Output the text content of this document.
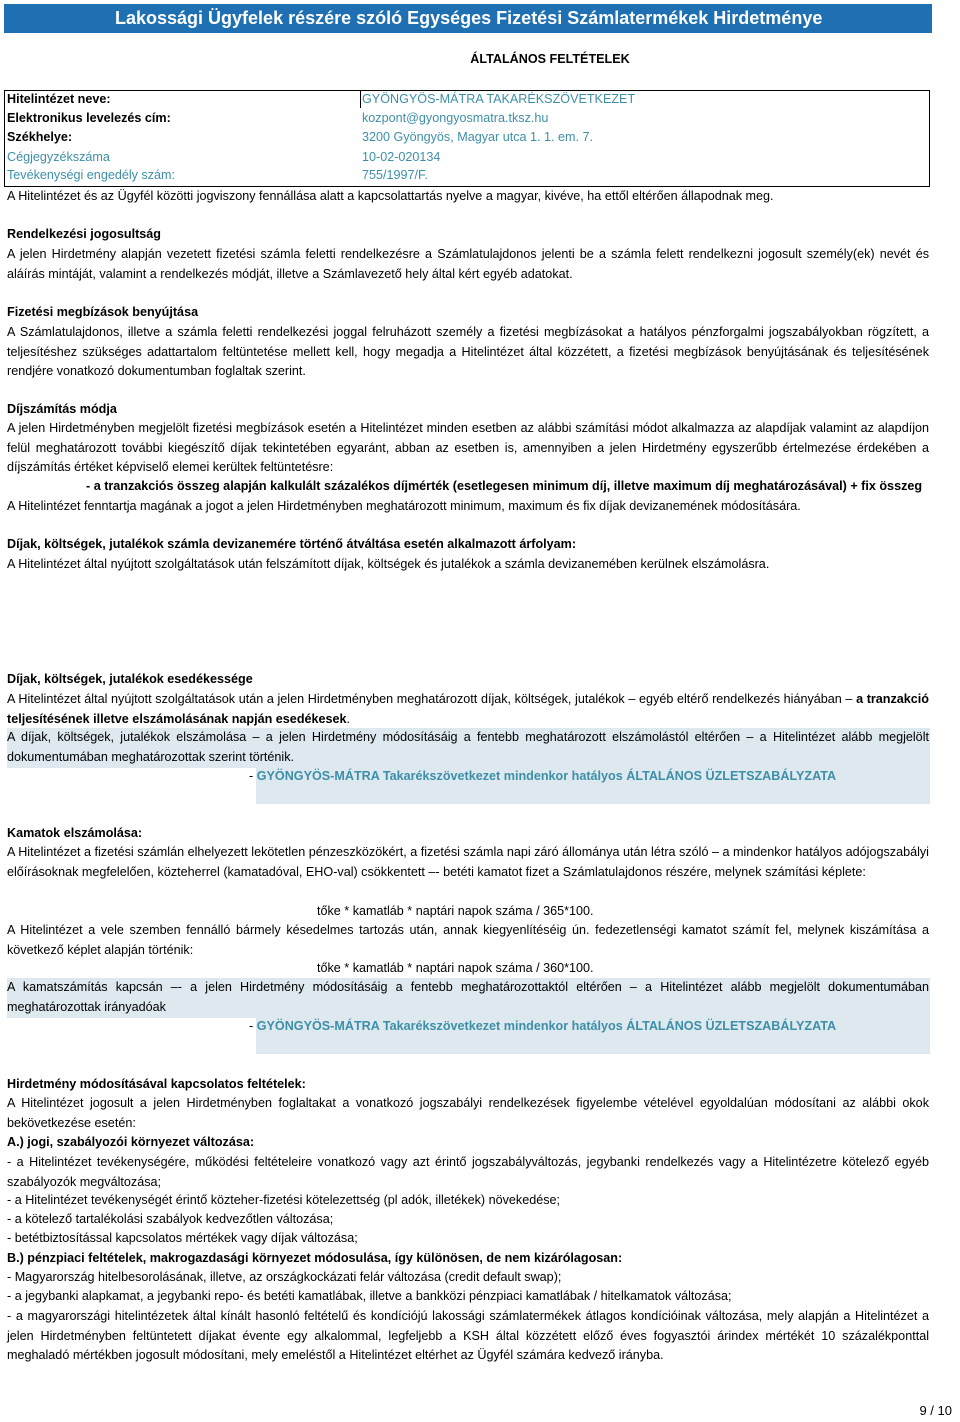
Lakossági Ügyfelek részére szóló Egységes Fizetési Számlatermékek Hirdetménye
ÁLTALÁNOS FELTÉTELEK
Hitelintézet neve:	GYÖNGYÖS-MÁTRA TAKARÉKSZÖVETKEZET
Elektronikus levelezés cím:	kozpont@gyongyosmatra.tksz.hu
Székhelye:	3200 Gyöngyös, Magyar utca 1. 1. em. 7.
Cégjegyzékszáma	10-02-020134
Tevékenységi engedély szám:	755/1997/F.
A Hitelintézet és az Ügyfél közötti jogviszony fennállása alatt a kapcsolattartás nyelve a magyar, kivéve, ha ettől eltérően állapodnak meg.
Rendelkezési jogosultság
A jelen Hirdetmény alapján vezetett fizetési számla feletti rendelkezésre a Számlatulajdonos jelenti be a számla felett rendelkezni jogosult személy(ek) nevét és aláírás mintáját, valamint a rendelkezés módját, illetve a Számlavezető hely által kért egyéb adatokat.
Fizetési megbízások benyújtása
A Számlatulajdonos, illetve a számla feletti rendelkezési joggal felruházott személy a fizetési megbízásokat a hatályos pénzforgalmi jogszabályokban rögzített, a teljesítéshez szükséges adattartalom feltüntetése mellett kell, hogy megadja a Hitelintézet által közzétett, a fizetési megbízások benyújtásának és teljesítésének rendjére vonatkozó dokumentumban foglaltak szerint.
Díjszámítás módja
A jelen Hirdetményben megjelölt fizetési megbízások esetén a Hitelintézet minden esetben az alábbi számítási módot alkalmazza az alapdíjak valamint az alapdíjon felül meghatározott további kiegészítő díjak tekintetében egyaránt, abban az esetben is, amennyiben a jelen Hirdetmény egyszerűbb értelmezése érdekében a díjszámítás értéket képviselő elemei kerültek feltüntetésre:
- a tranzakciós összeg alapján kalkulált százalékos díjmérték (esetlegesen minimum díj, illetve maximum díj meghatározásával) + fix összeg
A Hitelintézet fenntartja magának a jogot a jelen Hirdetményben meghatározott minimum, maximum és fix díjak devizanemének módosítására.
Díjak, költségek, jutalékok számla devizanemére történő átváltása esetén alkalmazott árfolyam:
A Hitelintézet által nyújtott szolgáltatások után felszámított díjak, költségek és jutalékok a számla devizanemében kerülnek elszámolásra.
Díjak, költségek, jutalékok esedékessége
A Hitelintézet által nyújtott szolgáltatások után a jelen Hirdetményben meghatározott díjak, költségek, jutalékok – egyéb eltérő rendelkezés hiányában – a tranzakció teljesítésének illetve elszámolásának napján esedékesek.
A díjak, költségek, jutalékok elszámolása – a jelen Hirdetmény módosításáig a fentebb meghatározott elszámolástól eltérően – a Hitelintézet alább megjelölt dokumentumában meghatározottak szerint történik.
- GYÖNGYÖS-MÁTRA Takarékszövetkezet mindenkor hatályos ÁLTALÁNOS ÜZLETSZABÁLYZATA
Kamatok elszámolása:
A Hitelintézet a fizetési számlán elhelyezett lekötetlen pénzeszközökért, a fizetési számla napi záró állománya után létra szóló – a mindenkor hatályos adójogszabályi előírásoknak megfelelően, közteherrel (kamatadóval, EHO-val) csökkentett –- betéti kamatot fizet a Számlatulajdonos részére, melynek számítási képlete:
tőke * kamatláb * naptári napok száma / 365*100.
A Hitelintézet a vele szemben fennálló bármely késedelmes tartozás után, annak kiegyenlítéséig ún. fedezetlenségi kamatot számít fel, melynek kiszámítása a következő képlet alapján történik:
tőke * kamatláb * naptári napok száma / 360*100.
A kamatszámítás kapcsán –- a jelen Hirdetmény módosításáig a fentebb meghatározottaktól eltérően – a Hitelintézet alább megjelölt dokumentumában meghatározottak irányadóak
- GYÖNGYÖS-MÁTRA Takarékszövetkezet mindenkor hatályos ÁLTALÁNOS ÜZLETSZABÁLYZATA
Hirdetmény módosításával kapcsolatos feltételek:
A Hitelintézet jogosult a jelen Hirdetményben foglaltakat a vonatkozó jogszabályi rendelkezések figyelembe vételével egyoldalúan módosítani az alábbi okok bekövetkezése esetén:
A.) jogi, szabályozói környezet változása:
- a Hitelintézet tevékenységére, működési feltételeire vonatkozó vagy azt érintő jogszabályváltozás, jegybanki rendelkezés vagy a Hitelintézetre kötelező egyéb szabályozók megváltozása;
- a Hitelintézet tevékenységét érintő közteher-fizetési kötelezettség (pl adók, illetékek) növekedése;
- a kötelező tartalékolási szabályok kedvezőtlen változása;
- betétbiztosítással kapcsolatos mértékek vagy díjak változása;
B.) pénzpiaci feltételek, makrogazdasági környezet módosulása, így különösen, de nem kizárólagosan:
- Magyarország hitelbesorolásának, illetve, az országkockázati felár változása (credit default swap);
- a jegybanki alapkamat, a jegybanki repo- és betéti kamatlábak, illetve a bankközi pénzpiaci kamatlábak / hitelkamatok változása;
- a magyarországi hitelintézetek által kínált hasonló feltételű és kondíciójú lakossági számlatermékek átlagos kondícióinak változása, mely alapján a Hitelintézet a jelen Hirdetményben feltüntetett díjakat évente egy alkalommal, legfeljebb a KSH által közzétett előző éves fogyasztói árindex mértékét 10 százalékponttal meghaladó mértékben jogosult módosítani, mely emeléstől a Hitelintézet eltérhet az Ügyfél számára kedvező irányba.
9 / 10
